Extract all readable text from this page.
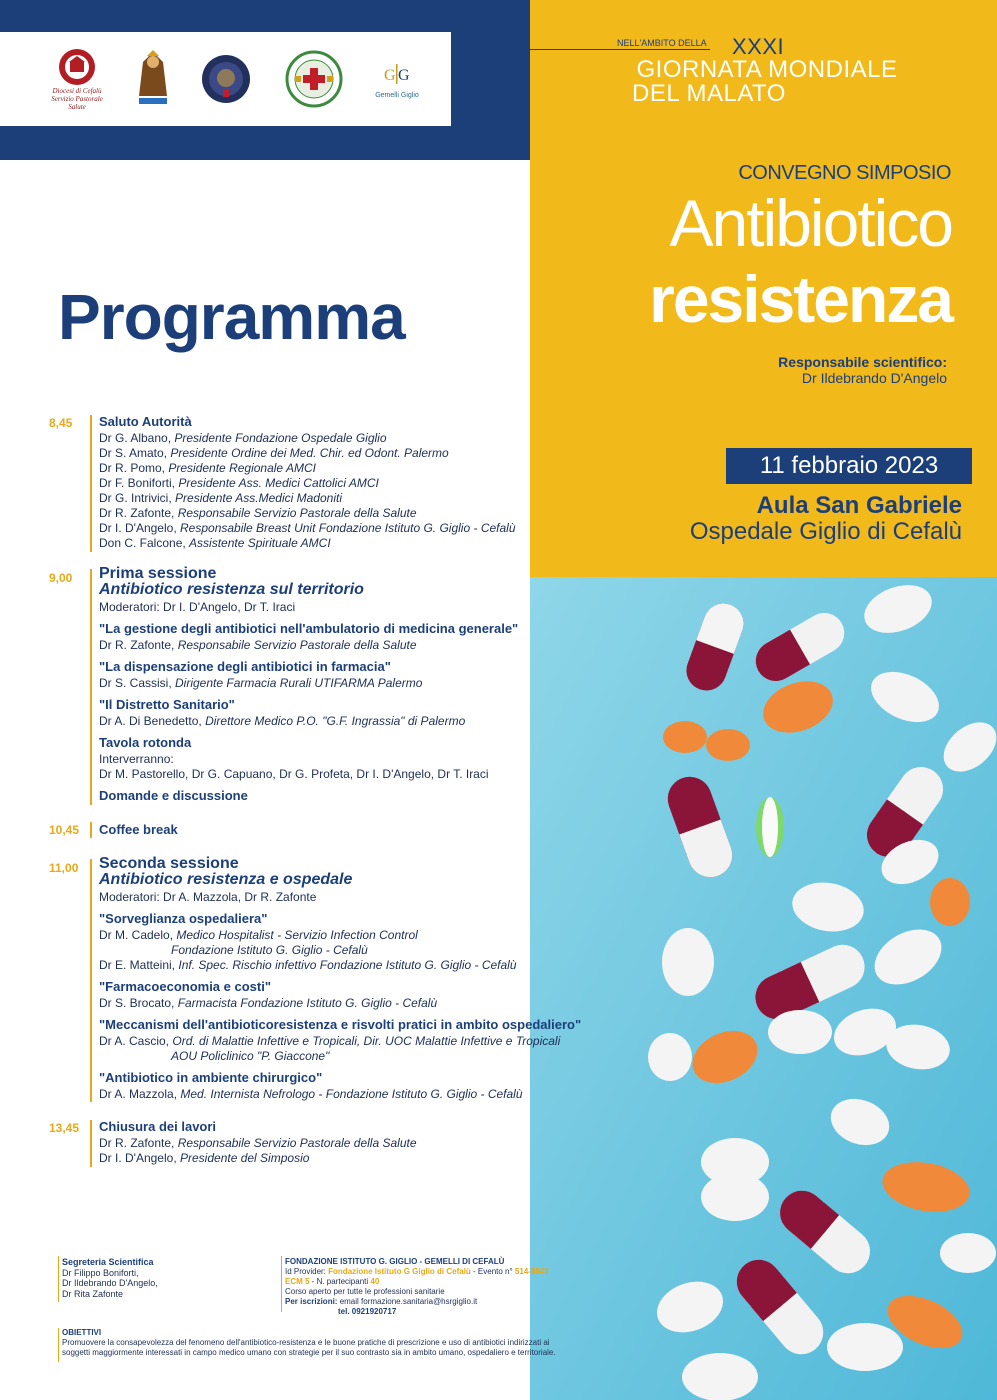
Diocesi di Cefalù
Servizio Pastorale
Salute
G G
Gemelli Giglio
NELL'AMBITO DELLA XXXI
GIORNATA MONDIALE
DEL MALATO
CONVEGNO SIMPOSIO
Antibiotico
resistenza
Responsabile scientifico:
Dr Ildebrando D'Angelo
11 febbraio 2023
Aula San Gabriele
Ospedale Giglio di Cefalù
Programma
8,45 Saluto Autorità
Dr G. Albano, Presidente Fondazione Ospedale Giglio
Dr S. Amato, Presidente Ordine dei Med. Chir. ed Odont. Palermo
Dr R. Pomo, Presidente Regionale AMCI
Dr F. Boniforti, Presidente Ass. Medici Cattolici AMCI
Dr G. Intrivici, Presidente Ass.Medici Madoniti
Dr R. Zafonte, Responsabile Servizio Pastorale della Salute
Dr I. D'Angelo, Responsabile Breast Unit Fondazione Istituto G. Giglio - Cefalù
Don C. Falcone, Assistente Spirituale AMCI
9,00 Prima sessione
Antibiotico resistenza sul territorio
Moderatori: Dr I. D'Angelo, Dr T. Iraci
"La gestione degli antibiotici nell'ambulatorio di medicina generale"
Dr R. Zafonte, Responsabile Servizio Pastorale della Salute
"La dispensazione degli antibiotici in farmacia"
Dr S. Cassisi, Dirigente Farmacia Rurali UTIFARMA Palermo
"Il Distretto Sanitario"
Dr A. Di Benedetto, Direttore Medico P.O. "G.F. Ingrassia" di Palermo
Tavola rotonda
Interverranno:
Dr M. Pastorello, Dr G. Capuano, Dr G. Profeta, Dr I. D'Angelo, Dr T. Iraci
Domande e discussione
10,45 Coffee break
11,00 Seconda sessione
Antibiotico resistenza e ospedale
Moderatori: Dr A. Mazzola, Dr R. Zafonte
"Sorveglianza ospedaliera"
Dr M. Cadelo, Medico Hospitalist - Servizio Infection Control
Fondazione Istituto G. Giglio - Cefalù
Dr E. Matteini, Inf. Spec. Rischio infettivo Fondazione Istituto G. Giglio - Cefalù
"Farmacoeconomia e costi"
Dr S. Brocato, Farmacista Fondazione Istituto G. Giglio - Cefalù
"Meccanismi dell'antibioticoresistenza e risvolti pratici in ambito ospedaliero"
Dr A. Cascio, Ord. di Malattie Infettive e Tropicali, Dir. UOC Malattie Infettive e Tropicali
AOU Policlinico "P. Giaccone"
"Antibiotico in ambiente chirurgico"
Dr A. Mazzola, Med. Internista Nefrologo - Fondazione Istituto G. Giglio - Cefalù
13,45 Chiusura dei lavori
Dr R. Zafonte, Responsabile Servizio Pastorale della Salute
Dr I. D'Angelo, Presidente del Simposio
Segreteria Scientifica
Dr Filippo Boniforti,
Dr Ildebrando D'Angelo,
Dr Rita Zafonte
FONDAZIONE ISTITUTO G. GIGLIO - GEMELLI DI CEFALÙ
Id Provider: Fondazione Istituto G Giglio di Cefalù - Evento n° 514-8843
ECM 5 - N. partecipanti 40
Corso aperto per tutte le professioni sanitarie
Per iscrizioni: email formazione.sanitaria@hsrgiglio.it
tel. 0921920717
OBIETTIVI
Promuovere la consapevolezza del fenomeno dell'antibiotico-resistenza e le buone pratiche di prescrizione e uso di antibiotici indirizzati ai
soggetti maggiormente interessati in campo medico umano con strategie per il suo contrasto sia in ambito umano, ospedaliero e territoriale.
